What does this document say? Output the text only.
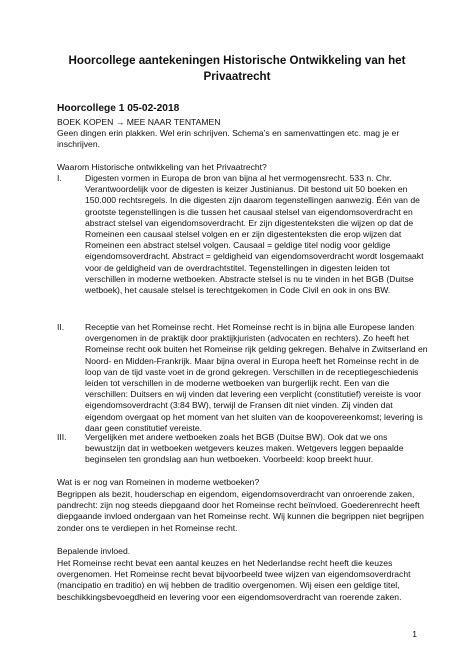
Hoorcollege aantekeningen Historische Ontwikkeling van het Privaatrecht
Hoorcollege 1 05-02-2018
BOEK KOPEN → MEE NAAR TENTAMEN
Geen dingen erin plakken. Wel erin schrijven. Schema’s en samenvattingen etc. mag je er inschrijven.
Waarom Historische ontwikkeling van het Privaatrecht?
I.	Digesten vormen in Europa de bron van bijna al het vermogensrecht. 533 n. Chr. Verantwoordelijk voor de digesten is keizer Justinianus. Dit bestond uit 50 boeken en 150.000 rechtsregels. In die digesten zijn daarom tegenstellingen aanwezig. Één van de grootste tegenstellingen is die tussen het causaal stelsel van eigendomsoverdracht en abstract stelsel van eigendomsoverdracht. Er zijn digestenteksten die wijzen op dat de Romeinen een causaal stelsel volgen en er zijn digestenteksten die erop wijzen dat Romeinen een abstract stelsel volgen. Causaal = geldige titel nodig voor geldige eigendomsoverdracht. Abstract = geldigheid van eigendomsoverdracht wordt losgemaakt voor de geldigheid van de overdrachtstitel. Tegenstellingen in digesten leiden tot verschillen in moderne wetboeken. Abstracte stelsel is nu te vinden in het BGB (Duitse wetboek), het causale stelsel is terechtgekomen in Code Civil en ook in ons BW.
II.	Receptie van het Romeinse recht. Het Romeinse recht is in bijna alle Europese landen overgenomen in de praktijk door praktijkjuristen (advocaten en rechters). Zo heeft het Romeinse recht ook buiten het Romeinse rijk gelding gekregen. Behalve in Zwitserland en Noord- en Midden-Frankrijk. Maar bijna overal in Europa heeft het Romeinse recht in de loop van de tijd vaste voet in de grond gekregen. Verschillen in de receptiegeschiedenis leiden tot verschillen in de moderne wetboeken van burgerlijk recht. Een van die verschillen: Duitsers en wij vinden dat levering een verplicht (constitutief) vereiste is voor eigendomsoverdracht (3:84 BW), terwijl de Fransen dit niet vinden. Zij vinden dat eigendom overgaat op het moment van het sluiten van de koopovereenkomst; levering is daar geen constitutief vereiste.
III.	Vergelijken met andere wetboeken zoals het BGB (Duitse BW). Ook dat we ons bewustzijn dat in wetboeken wetgevers keuzes maken. Wetgevers leggen bepaalde beginselen ten grondslag aan hun wetboeken. Voorbeeld: koop breekt huur.
Wat is er nog van Romeinen in moderne wetboeken?
Begrippen als bezit, houderschap en eigendom, eigendomsoverdracht van onroerende zaken, pandrecht: zijn nog steeds diepgaand door het Romeinse recht beïnvloed. Goederenrecht heeft diepgaande invloed ondergaan van het Romeinse recht. Wij kunnen die begrippen niet begrijpen zonder ons te verdiepen in het Romeinse recht.
Bepalende invloed.
Het Romeinse recht bevat een aantal keuzes en het Nederlandse recht heeft die keuzes overgenomen. Het Romeinse recht bevat bijvoorbeeld twee wijzen van eigendomsoverdracht (mancipatio en traditio) en wij hebben de traditio overgenomen. Wij eisen een geldige titel, beschikkingsbevoegdheid en levering voor een eigendomsoverdracht van roerende zaken.
1
